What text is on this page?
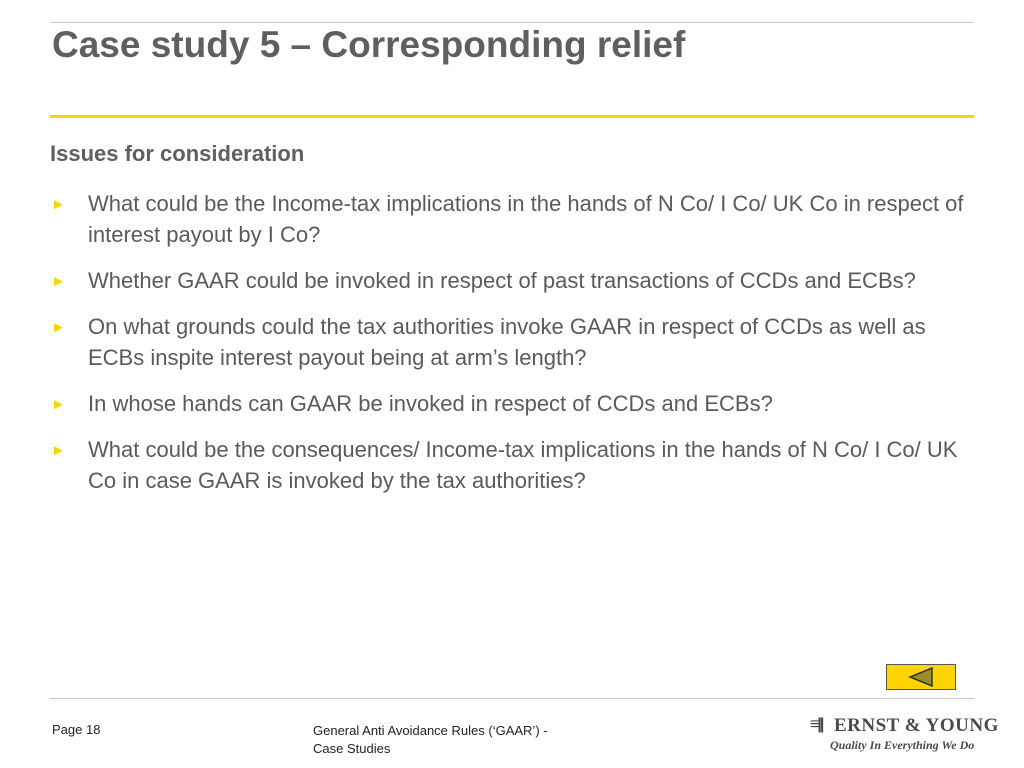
Case study 5 – Corresponding relief
Issues for consideration
► What could be the Income-tax implications in the hands of N Co/ I Co/ UK Co in respect of interest payout by I Co?
► Whether GAAR could be invoked in respect of past transactions of CCDs and ECBs?
► On what grounds could the tax authorities invoke GAAR in respect of CCDs as well as ECBs inspite interest payout being at arm’s length?
► In whose hands can GAAR be invoked in respect of CCDs and ECBs?
► What could be the consequences/ Income-tax implications in the hands of N Co/ I Co/ UK Co in case GAAR is invoked by the tax authorities?
Page 18	General Anti Avoidance Rules (‘GAAR’) -
Case Studies
≡|| ERNST & YOUNG
Quality In Everything We Do
